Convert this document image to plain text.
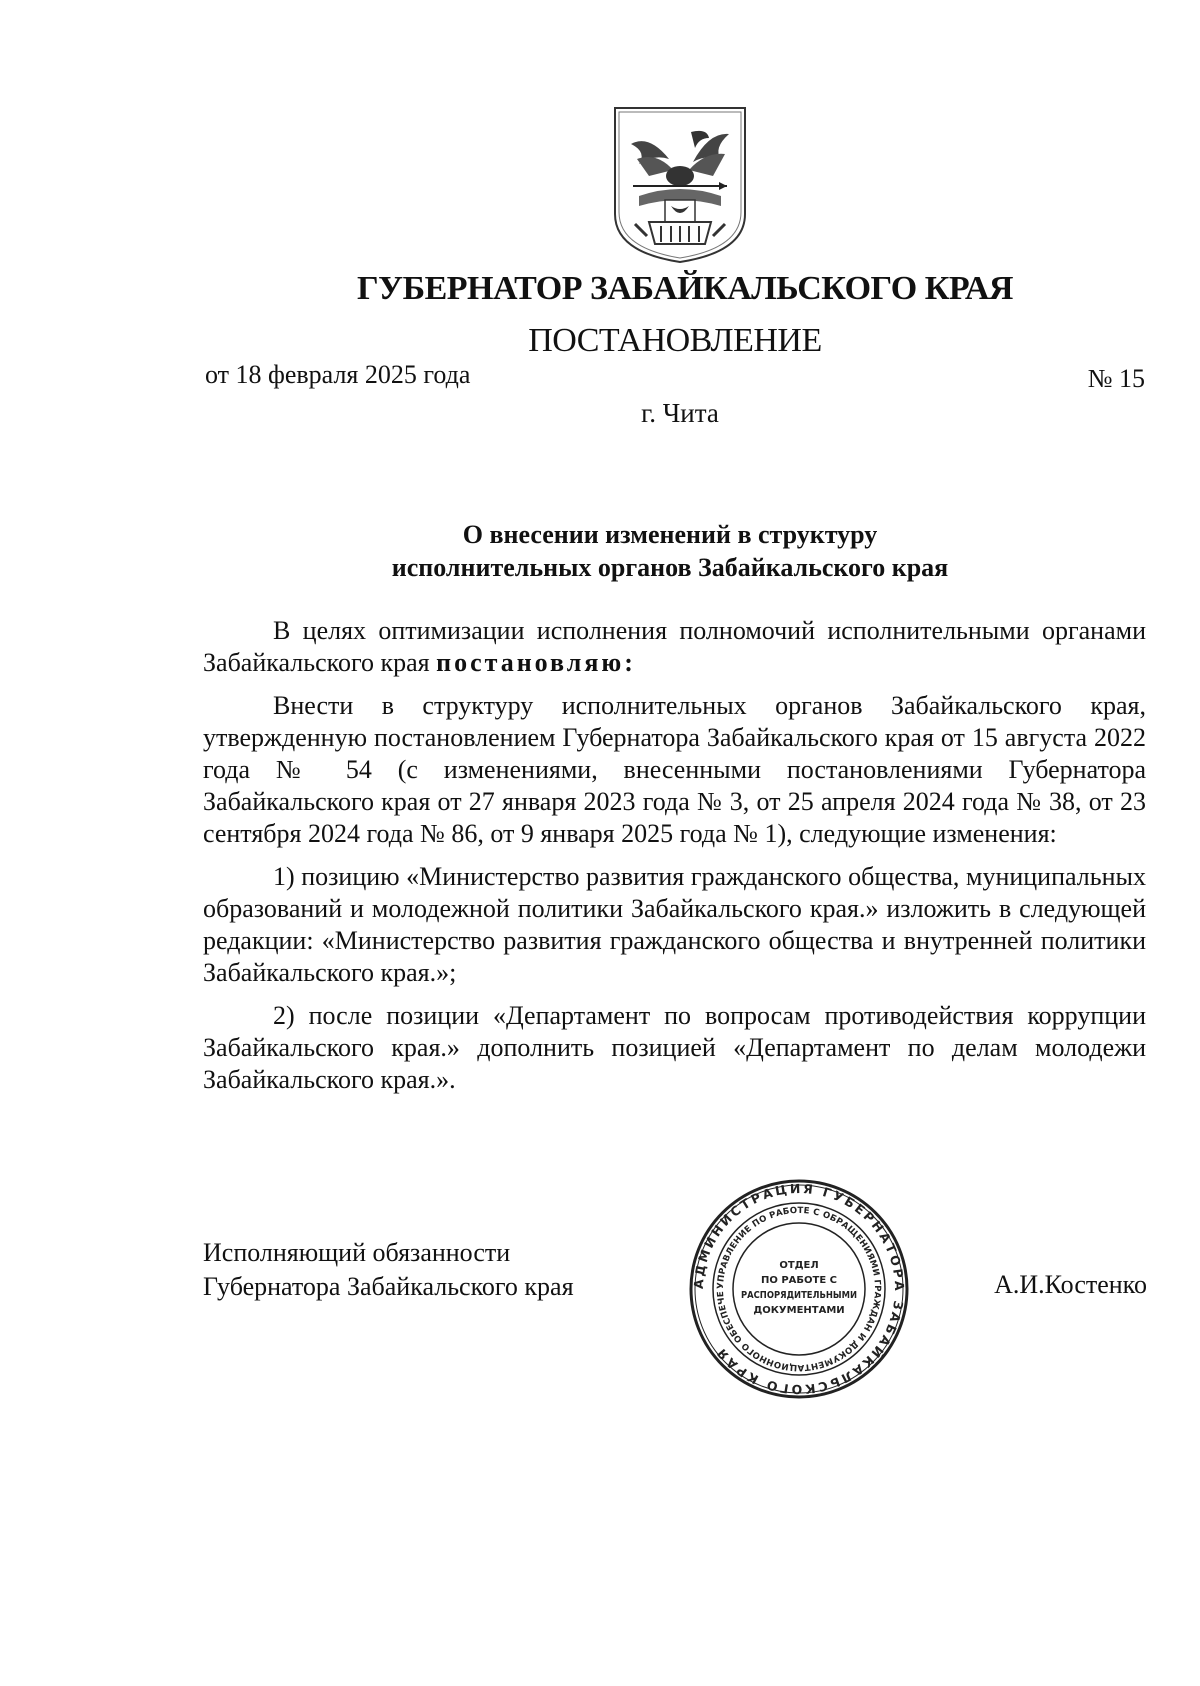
ГУБЕРНАТОР ЗАБАЙКАЛЬСКОГО КРАЯ
ПОСТАНОВЛЕНИЕ
от 18 февраля 2025 года	№ 15
г. Чита
О внесении изменений в структуру
исполнительных органов Забайкальского края

В целях оптимизации исполнения полномочий исполнительными органами Забайкальского края постановляю:

Внести в структуру исполнительных органов Забайкальского края, утвержденную постановлением Губернатора Забайкальского края от 15 августа 2022 года № 54 (с изменениями, внесенными постановлениями Губернатора Забайкальского края от 27 января 2023 года № 3, от 25 апреля 2024 года № 38, от 23 сентября 2024 года № 86, от 9 января 2025 года № 1), следующие изменения:

1) позицию «Министерство развития гражданского общества, муниципальных образований и молодежной политики Забайкальского края.» изложить в следующей редакции: «Министерство развития гражданского общества и внутренней политики Забайкальского края.»;

2) после позиции «Департамент по вопросам противодействия коррупции Забайкальского края.» дополнить позицией «Департамент по делам молодежи Забайкальского края.».

Исполняющий обязанности
Губернатора Забайкальского края	А.И.Костенко
АДМИНИСТРАЦИЯ ГУБЕРНАТОРА ЗАБАЙКАЛЬСКОГО КРАЯ
УПРАВЛЕНИЕ ПО РАБОТЕ С ОБРАЩЕНИЯМИ ГРАЖДАН И ДОКУМЕНТАЦИОННОГО ОБЕСПЕЧЕ
ОТДЕЛ
ПО РАБОТЕ С
РАСПОРЯДИТЕЛЬНЫМИ
ДОКУМЕНТАМИ
